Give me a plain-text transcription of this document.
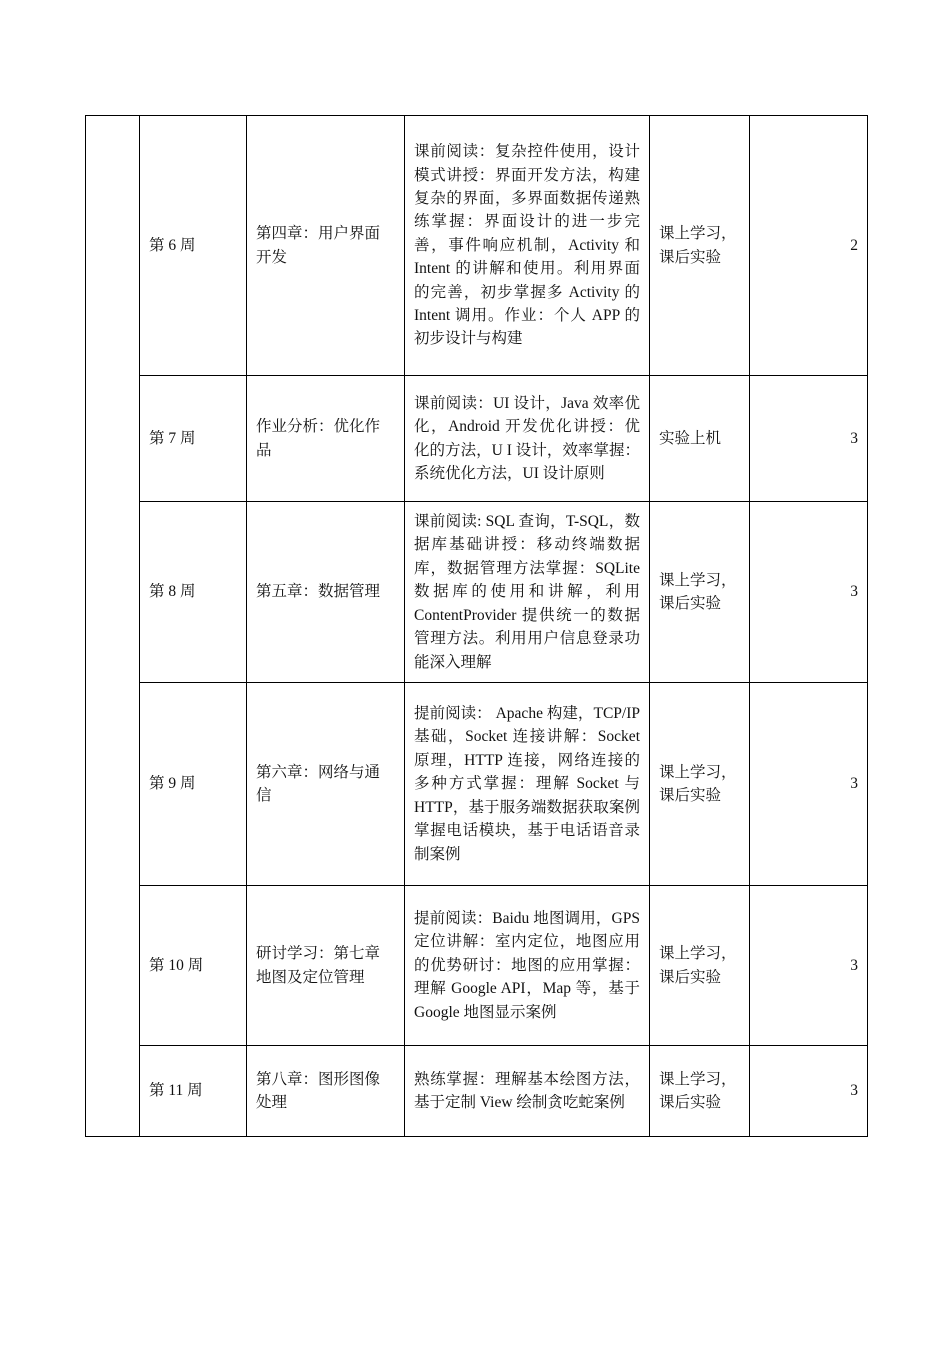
	第 6 周	第四章：用户界面开发	课前阅读：复杂控件使用，设计模式讲授：界面开发方法，构建复杂的界面，多界面数据传递熟练掌握：界面设计的进一步完善，事件响应机制，Activity 和 Intent 的讲解和使用。利用界面的完善，初步掌握多 Activity 的 Intent 调用。作业：个人 APP 的初步设计与构建	课上学习，课后实验	2
	第 7 周	作业分析：优化作品	课前阅读：UI 设计，Java 效率优化，Android 开发优化讲授：优化的方法，U I 设计，效率掌握：系统优化方法，UI 设计原则	实验上机	3
	第 8 周	第五章：数据管理	课前阅读: SQL 查询，T-SQL，数据库基础讲授：移动终端数据库，数据管理方法掌握：SQLite 数据库的使用和讲解，利用 ContentProvider 提供统一的数据管理方法。利用用户信息登录功能深入理解	课上学习，课后实验	3
	第 9 周	第六章：网络与通信	提前阅读： Apache 构建，TCP/IP 基础，Socket 连接讲解：Socket 原理，HTTP 连接，网络连接的多种方式掌握：理解 Socket 与 HTTP，基于服务端数据获取案例掌握电话模块，基于电话语音录制案例	课上学习，课后实验	3
	第 10 周	研讨学习：第七章地图及定位管理	提前阅读：Baidu 地图调用，GPS 定位讲解：室内定位，地图应用的优势研讨：地图的应用掌握：理解 Google API，Map 等，基于 Google 地图显示案例	课上学习，课后实验	3
	第 11 周	第八章：图形图像处理	熟练掌握：理解基本绘图方法，基于定制 View 绘制贪吃蛇案例	课上学习，课后实验	3
